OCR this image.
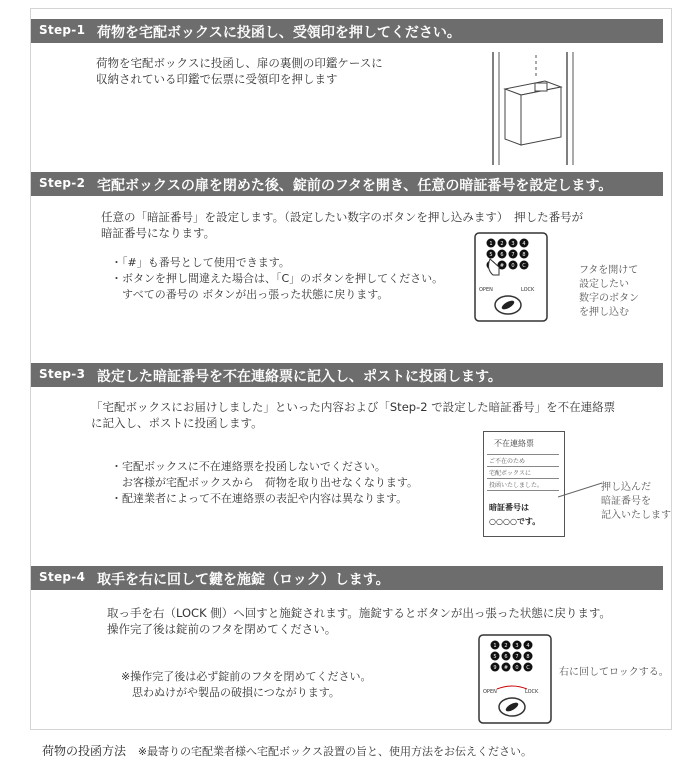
Step-1 荷物を宅配ボックスに投函し、受領印を押してください。
荷物を宅配ボックスに投函し、扉の裏側の印鑑ケースに
収納されている印鑑で伝票に受領印を押します
Step-2 宅配ボックスの扉を閉めた後、錠前のフタを開き、任意の暗証番号を設定します。
任意の「暗証番号」を設定します。（設定したい数字のボタンを押し込みます）　押した番号が
暗証番号になります。
・「#」も番号として使用できます。
・ボタンを押し間違えた場合は、「C」のボタンを押してください。
　すべての番号の ボタンが出っ張った状態に戻ります。
1 2 3 4
5 6 7 8
# 0 C
OPEN	LOCK
フタを開けて
設定したい
数字のボタン
を押し込む
Step-3 設定した暗証番号を不在連絡票に記入し、ポストに投函します。
「宅配ボックスにお届けしました」といった内容および「Step-2 で設定した暗証番号」を不在連絡票
に記入し、ポストに投函します。
・宅配ボックスに不在連絡票を投函しないでください。
　お客様が宅配ボックスから　荷物を取り出せなくなります。
・配達業者によって不在連絡票の表記や内容は異なります。
不在連絡票
ご不在のため
宅配ボックスに
投函いたしました。
暗証番号は
○○○○です。
押し込んだ
暗証番号を
記入いたします
Step-4 取手を右に回して鍵を施錠（ロック）します。
取っ手を右（LOCK 側）へ回すと施錠されます。施錠するとボタンが出っ張った状態に戻ります。
操作完了後は錠前のフタを閉めてください。
※操作完了後は必ず錠前のフタを閉めてください。
　思わぬけがや製品の破損につながります。
1 2 3 4
5 6 7 8
9 # 0 C
OPEN	LOCK
右に回してロックする。
荷物の投函方法 ※最寄りの宅配業者様へ宅配ボックス設置の旨と、使用方法をお伝えください。
